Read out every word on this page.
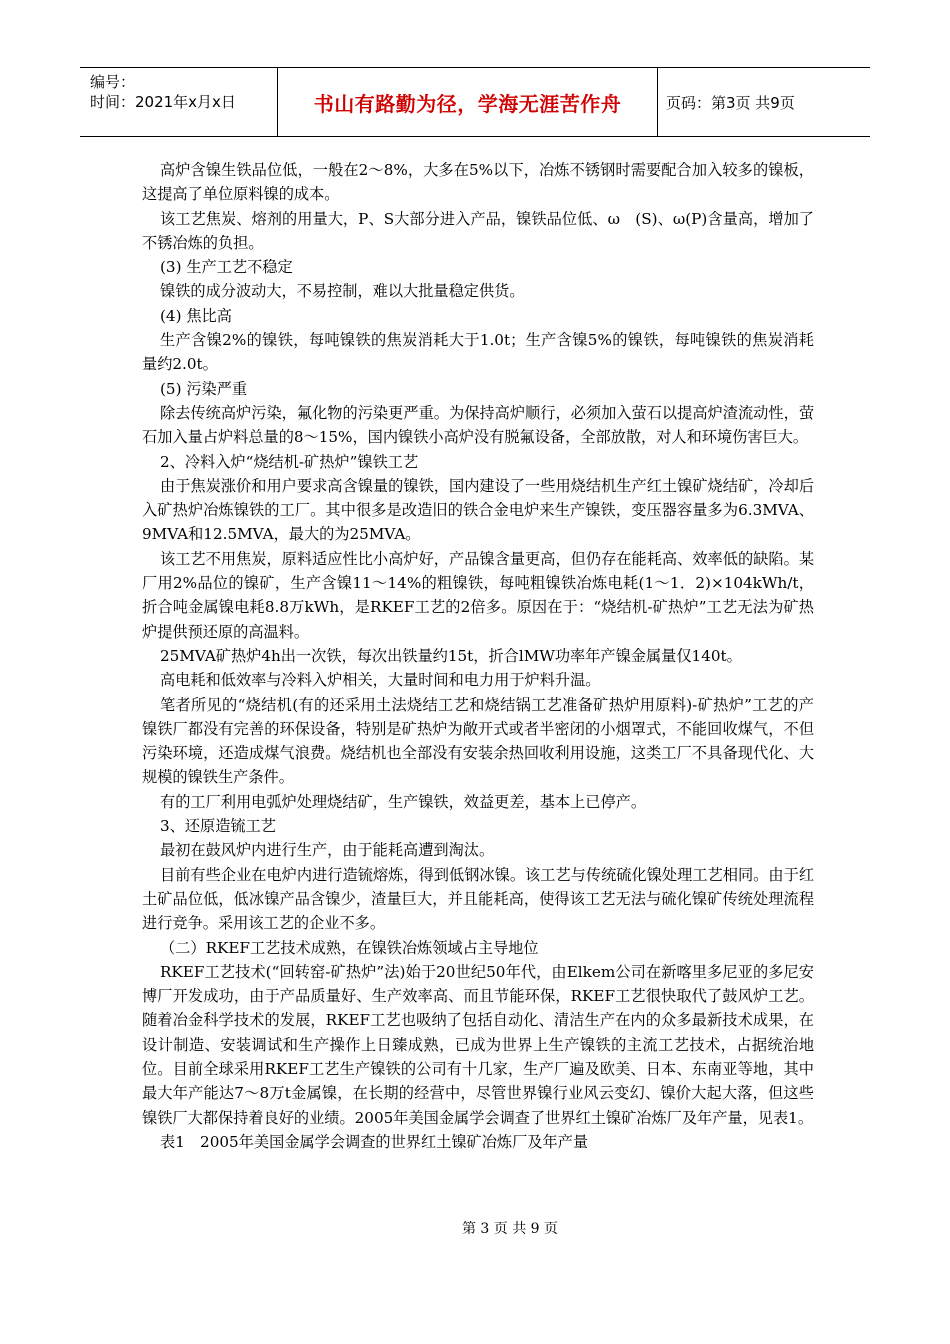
编号：
时间：2021年x月x日	书山有路勤为径，学海无涯苦作舟	页码：第3页 共9页

高炉含镍生铁品位低，一般在2～8%，大多在5%以下，冶炼不锈钢时需要配合加入较多的镍板，这提高了单位原料镍的成本。

该工艺焦炭、熔剂的用量大，P、S大部分进入产品，镍铁品位低、ω　(S)、ω(P)含量高，增加了不锈冶炼的负担。

(3) 生产工艺不稳定

镍铁的成分波动大，不易控制，难以大批量稳定供货。

(4) 焦比高

生产含镍2%的镍铁，每吨镍铁的焦炭消耗大于1.0t；生产含镍5%的镍铁，每吨镍铁的焦炭消耗量约2.0t。

(5) 污染严重

除去传统高炉污染，氟化物的污染更严重。为保持高炉顺行，必须加入萤石以提高炉渣流动性，萤石加入量占炉料总量的8～15%，国内镍铁小高炉没有脱氟设备，全部放散，对人和环境伤害巨大。

2、冷料入炉“烧结机-矿热炉”镍铁工艺

由于焦炭涨价和用户要求高含镍量的镍铁，国内建设了一些用烧结机生产红土镍矿烧结矿，冷却后入矿热炉冶炼镍铁的工厂。其中很多是改造旧的铁合金电炉来生产镍铁，变压器容量多为6.3MVA、9MVA和12.5MVA，最大的为25MVA。

该工艺不用焦炭，原料适应性比小高炉好，产品镍含量更高，但仍存在能耗高、效率低的缺陷。某厂用2%品位的镍矿，生产含镍11～14%的粗镍铁，每吨粗镍铁冶炼电耗(1～1．2)×104kWh/t，折合吨金属镍电耗8.8万kWh，是RKEF工艺的2倍多。原因在于：“烧结机-矿热炉”工艺无法为矿热炉提供预还原的高温料。

25MVA矿热炉4h出一次铁，每次出铁量约15t，折合lMW功率年产镍金属量仅140t。

高电耗和低效率与冷料入炉相关，大量时间和电力用于炉料升温。

笔者所见的“烧结机(有的还采用土法烧结工艺和烧结锅工艺准备矿热炉用原料)-矿热炉”工艺的产镍铁厂都没有完善的环保设备，特别是矿热炉为敞开式或者半密闭的小烟罩式，不能回收煤气，不但污染环境，还造成煤气浪费。烧结机也全部没有安装余热回收利用设施，这类工厂不具备现代化、大规模的镍铁生产条件。

有的工厂利用电弧炉处理烧结矿，生产镍铁，效益更差，基本上已停产。

3、还原造锍工艺

最初在鼓风炉内进行生产，由于能耗高遭到淘汰。

目前有些企业在电炉内进行造锍熔炼，得到低钢冰镍。该工艺与传统硫化镍处理工艺相同。由于红土矿品位低，低冰镍产品含镍少，渣量巨大，并且能耗高，使得该工艺无法与硫化镍矿传统处理流程进行竞争。采用该工艺的企业不多。

（二）RKEF工艺技术成熟，在镍铁冶炼领域占主导地位

RKEF工艺技术(“回转窑-矿热炉”法)始于20世纪50年代，由Elkem公司在新喀里多尼亚的多尼安博厂开发成功，由于产品质量好、生产效率高、而且节能环保，RKEF工艺很快取代了鼓风炉工艺。随着冶金科学技术的发展，RKEF工艺也吸纳了包括自动化、清洁生产在内的众多最新技术成果，在设计制造、安装调试和生产操作上日臻成熟，已成为世界上生产镍铁的主流工艺技术，占据统治地位。目前全球采用RKEF工艺生产镍铁的公司有十几家，生产厂遍及欧美、日本、东南亚等地，其中最大年产能达7～8万t金属镍，在长期的经营中，尽管世界镍行业风云变幻、镍价大起大落，但这些镍铁厂大都保持着良好的业绩。2005年美国金属学会调查了世界红土镍矿冶炼厂及年产量，见表1。

表1　2005年美国金属学会调查的世界红土镍矿冶炼厂及年产量

第 3 页 共 9 页
